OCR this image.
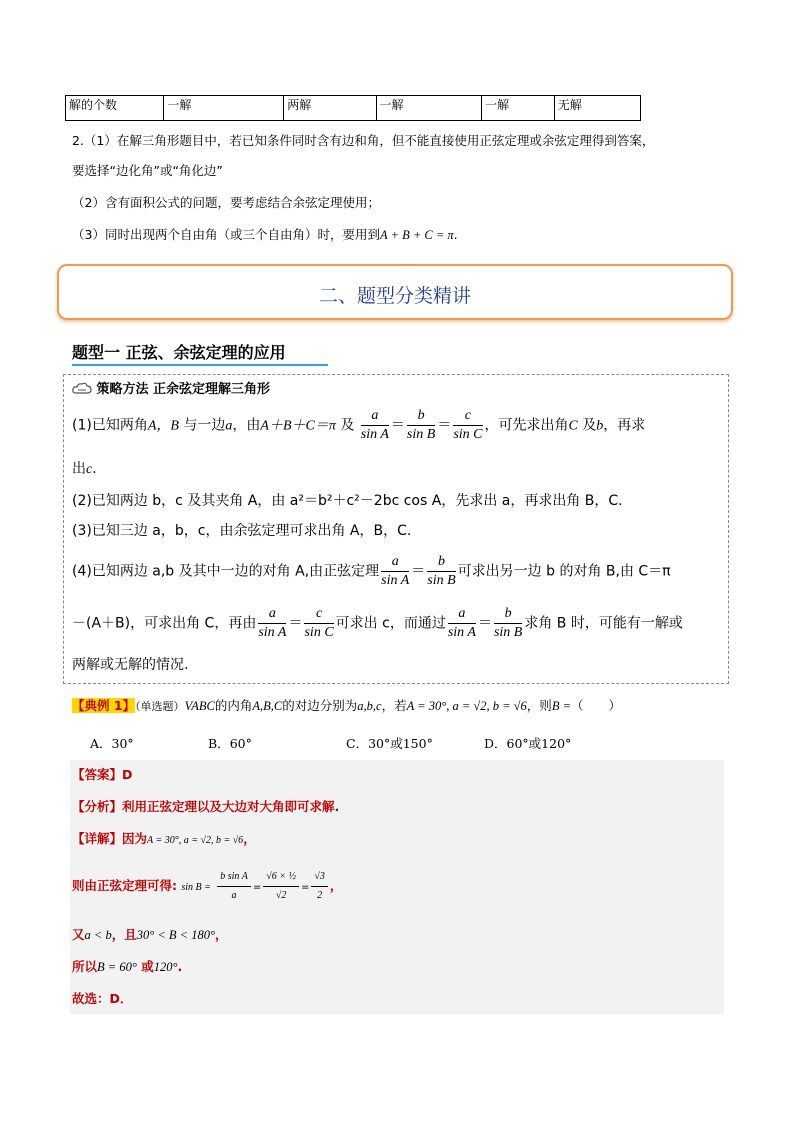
解的个数	一解	两解	一解	一解	无解
2.（1）在解三角形题目中，若已知条件同时含有边和角，但不能直接使用正弦定理或余弦定理得到答案，
要选择“边化角”或“角化边”
（2）含有面积公式的问题，要考虑结合余弦定理使用；
（3）同时出现两个自由角（或三个自由角）时，要用到A + B + C = π.
二、题型分类精讲
题型一 正弦、余弦定理的应用
策略方法 正余弦定理解三角形
(1)已知两角A，B 与一边a，由A＋B＋C＝π 及 $\frac{a}{\text{sin A}} = \frac{b}{\text{sin B}} = \frac{c}{\text{sin C}}$ ，可先求出角C 及b，再求
出c.
(2)已知两边 b，c 及其夹角 A，由 a²＝b²＋c²－2bc cos A，先求出 a，再求出角 B，C.
(3)已知三边 a，b，c，由余弦定理可求出角 A，B，C.
(4)已知两边 a,b 及其中一边的对角 A,由正弦定理 $\frac{a}{\text{sin A}} = \frac{b}{\text{sin B}}$ 可求出另一边 b 的对角 B,由 C＝π
－(A＋B)，可求出角 C，再由 $\frac{a}{\text{sin A}} = \frac{c}{\text{sin C}}$ 可求出 c，而通过 $\frac{a}{\text{sin A}} = \frac{b}{\text{sin B}}$ 求角 B 时，可能有一解或
两解或无解的情况.
【典例 1】（单选题）VABC的内角A,B,C的对边分别为a,b,c，若A = 30°, a = √2, b = √6，则B =（　　）
A．30°	B．60°	C．30°或150°	D．60°或120°
【答案】D
【分析】利用正弦定理以及大边对大角即可求解.
【详解】因为A = 30°, a = √2, b = √6，
则由正弦定理可得: $\sin B = \frac{\text{b sin A}}{a} = \frac{\text{√6 × ½}}{√2} = \frac{√3}{2}$ ，
又a < b，且30° < B < 180°，
所以B = 60° 或120°.
故选：D．
